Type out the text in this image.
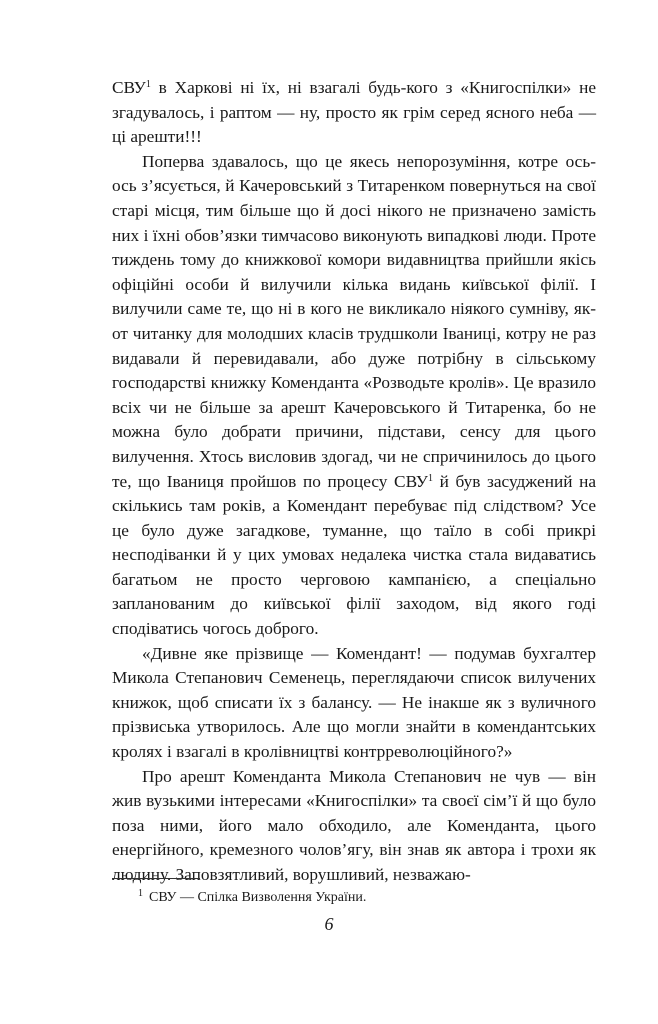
СВУ$^1$ в Харкові ні їх, ні взагалі будь-кого з «Книгоспілки» не згадувалось, і раптом — ну, просто як грім серед ясного неба — ці арешти!!!

Поперва здавалось, що це якесь непорозуміння, котре ось-ось з’ясується, й Качеровський з Титаренком повернуться на свої старі місця, тим більше що й досі нікого не призначено замість них і їхні обов’язки тимчасово виконують випадкові люди. Проте тиждень тому до книжкової комори видавництва прийшли якісь офіційні особи й вилучили кілька видань київської філії. І вилучили саме те, що ні в кого не викликало ніякого сумніву, як-от читанку для молодших класів трудшколи Іваниці, котру не раз видавали й перевидавали, або дуже потрібну в сільському господарстві книжку Коменданта «Розводьте кролів». Це вразило всіх чи не більше за арешт Качеровського й Титаренка, бо не можна було добрати причини, підстави, сенсу для цього вилучення. Хтось висловив здогад, чи не спричинилось до цього те, що Іваниця пройшов по процесу СВУ$^1$ й був засуджений на скількись там років, а Комендант перебуває під слідством? Усе це було дуже загадкове, туманне, що таїло в собі прикрі несподіванки й у цих умовах недалека чистка стала видаватись багатьом не просто черговою кампанією, а спеціально запланованим до київської філії заходом, від якого годі сподіватись чогось доброго.

«Дивне яке прізвище — Комендант! — подумав бухгалтер Микола Степанович Семенець, переглядаючи список вилучених книжок, щоб списати їх з балансу. — Не інакше як з вуличного прізвиська утворилось. Але що могли знайти в комендантських кролях і взагалі в кролівництві контрреволюційного?»

Про арешт Коменданта Микола Степанович не чув — він жив вузькими інтересами «Книгоспілки» та своєї сім’ї й що було поза ними, його мало обходило, але Коменданта, цього енергійного, кремезного чолов’ягу, він знав як автора і трохи як людину. Заповзятливий, ворушливий, незважаю-

$^1$ СВУ — Спілка Визволення України.
6
